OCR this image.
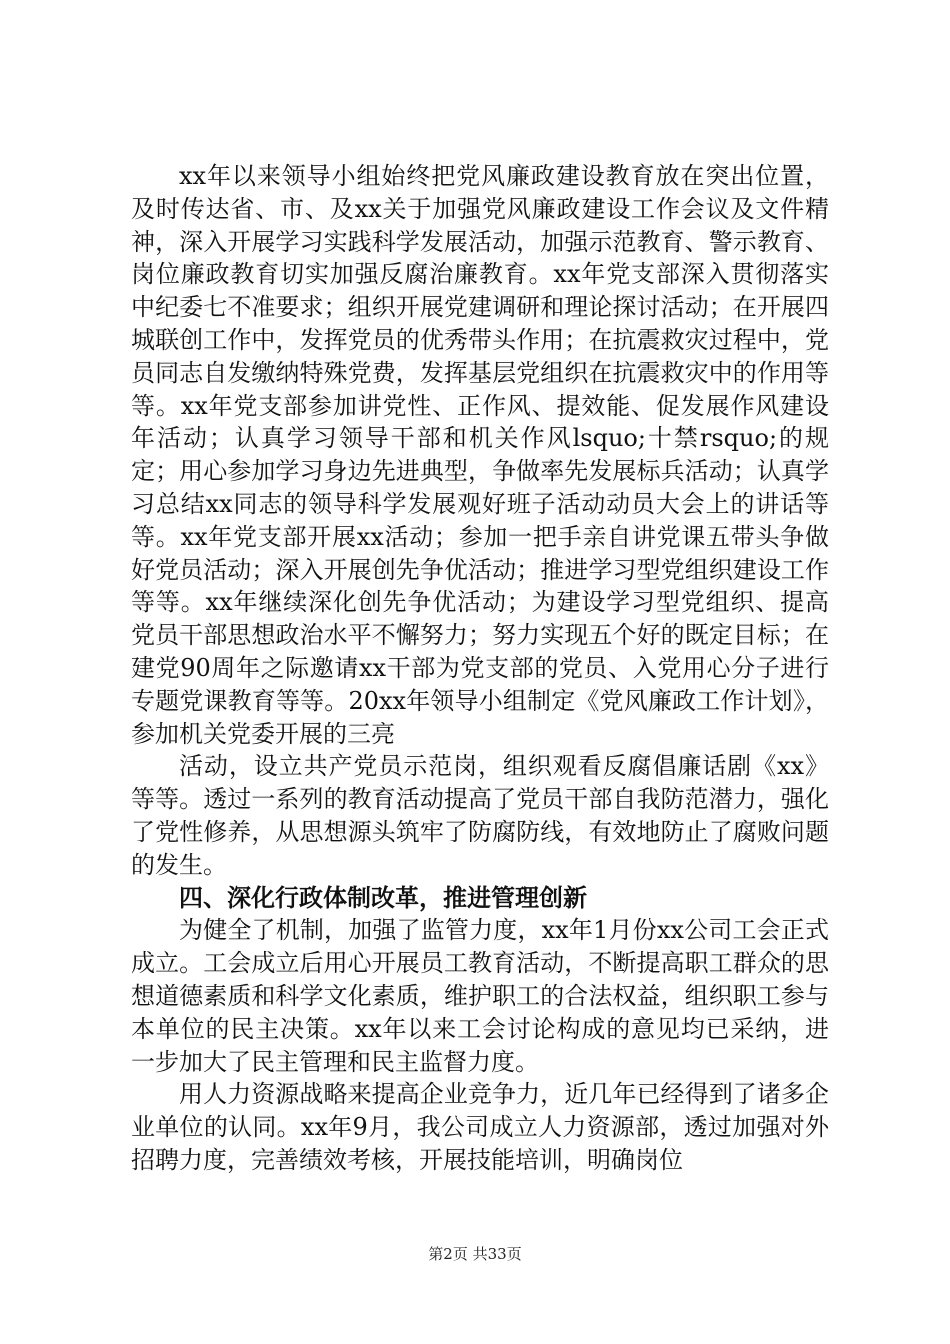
xx年以来领导小组始终把党风廉政建设教育放在突出位置，及时传达省、市、及xx关于加强党风廉政建设工作会议及文件精神，深入开展学习实践科学发展活动，加强示范教育、警示教育、岗位廉政教育切实加强反腐治廉教育。xx年党支部深入贯彻落实中纪委七不准要求；组织开展党建调研和理论探讨活动；在开展四城联创工作中，发挥党员的优秀带头作用；在抗震救灾过程中，党员同志自发缴纳特殊党费，发挥基层党组织在抗震救灾中的作用等等。xx年党支部参加讲党性、正作风、提效能、促发展作风建设年活动；认真学习领导干部和机关作风lsquo;十禁rsquo;的规定；用心参加学习身边先进典型，争做率先发展标兵活动；认真学习总结xx同志的领导科学发展观好班子活动动员大会上的讲话等等。xx年党支部开展xx活动；参加一把手亲自讲党课五带头争做好党员活动；深入开展创先争优活动；推进学习型党组织建设工作等等。xx年继续深化创先争优活动；为建设学习型党组织、提高党员干部思想政治水平不懈努力；努力实现五个好的既定目标；在建党90周年之际邀请xx干部为党支部的党员、入党用心分子进行专题党课教育等等。20xx年领导小组制定《党风廉政工作计划》，参加机关党委开展的三亮

活动，设立共产党员示范岗，组织观看反腐倡廉话剧《xx》等等。透过一系列的教育活动提高了党员干部自我防范潜力，强化了党性修养，从思想源头筑牢了防腐防线，有效地防止了腐败问题的发生。

四、深化行政体制改革，推进管理创新

为健全了机制，加强了监管力度，xx年1月份xx公司工会正式成立。工会成立后用心开展员工教育活动，不断提高职工群众的思想道德素质和科学文化素质，维护职工的合法权益，组织职工参与本单位的民主决策。xx年以来工会讨论构成的意见均已采纳，进一步加大了民主管理和民主监督力度。

用人力资源战略来提高企业竞争力，近几年已经得到了诸多企业单位的认同。xx年9月，我公司成立人力资源部，透过加强对外招聘力度，完善绩效考核，开展技能培训，明确岗位

第2页 共33页
